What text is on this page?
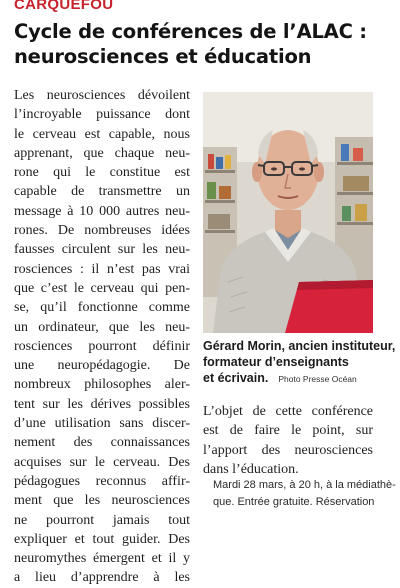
CARQUEFOU
Cycle de conférences de l’ALAC :
neurosciences et éducation
Les neurosciences dévoilent
l’incroyable puissance dont
le cerveau est capable, nous
apprenant, que chaque neu-
rone qui le constitue est
capable de transmettre un
message à 10 000 autres neu-
rones. De nombreuses idées
fausses circulent sur les neu-
rosciences : il n’est pas vrai
que c’est le cerveau qui pen-
se, qu’il fonctionne comme
un ordinateur, que les neu-
rosciences pourront définir
une neuropédagogie. De
nombreux philosophes aler-
tent sur les dérives possibles
d’une utilisation sans discer-
nement des connaissances
acquises sur le cerveau. Des
pédagogues reconnus affir-
ment que les neurosciences
ne pourront jamais tout
expliquer et tout guider. Des
neuromythes émergent et il y
a lieu d’apprendre à les
Gérard Morin, ancien instituteur,
formateur d’enseignants
et écrivain. Photo Presse Océan
L’objet de cette conférence
est de faire le point, sur
l’apport des neurosciences
dans l’éducation.
Mardi 28 mars, à 20 h, à la médiathè-
que. Entrée gratuite. Réservation
